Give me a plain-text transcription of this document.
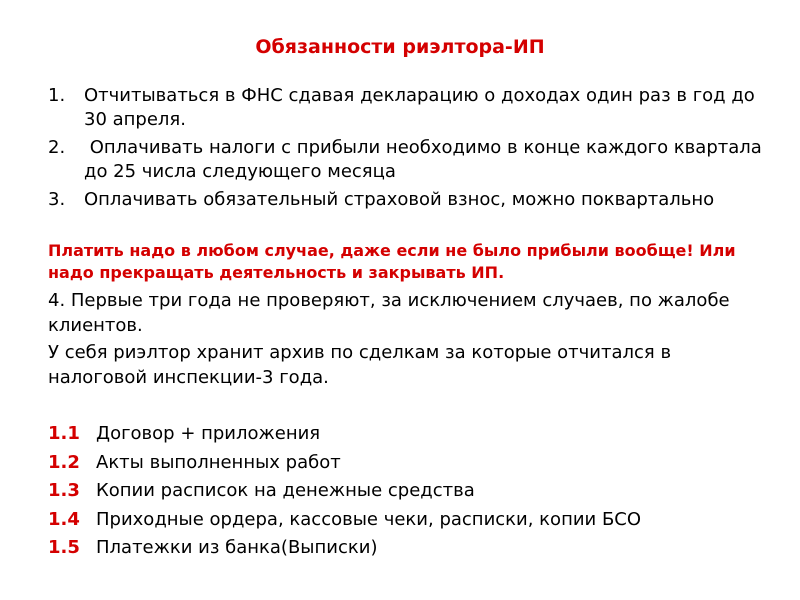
Обязанности риэлтора-ИП
1.	Отчитываться в ФНС сдавая декларацию о доходах один раз в год до 30 апреля.
2.	Оплачивать налоги с прибыли необходимо в конце каждого квартала до 25 числа следующего месяца
3.	Оплачивать обязательный страховой взнос, можно поквартально
Платить надо в любом случае, даже если не было прибыли вообще! Или надо прекращать деятельность и закрывать ИП.
4. Первые три года не проверяют, за исключением случаев, по жалобе клиентов.
У себя риэлтор хранит архив по сделкам за которые отчитался в налоговой инспекции-3 года.
1.1 Договор + приложения
1.2 Акты выполненных работ
1.3 Копии расписок на денежные средства
1.4 Приходные ордера, кассовые чеки, расписки, копии БСО
1.5 Платежки из банка(Выписки)
